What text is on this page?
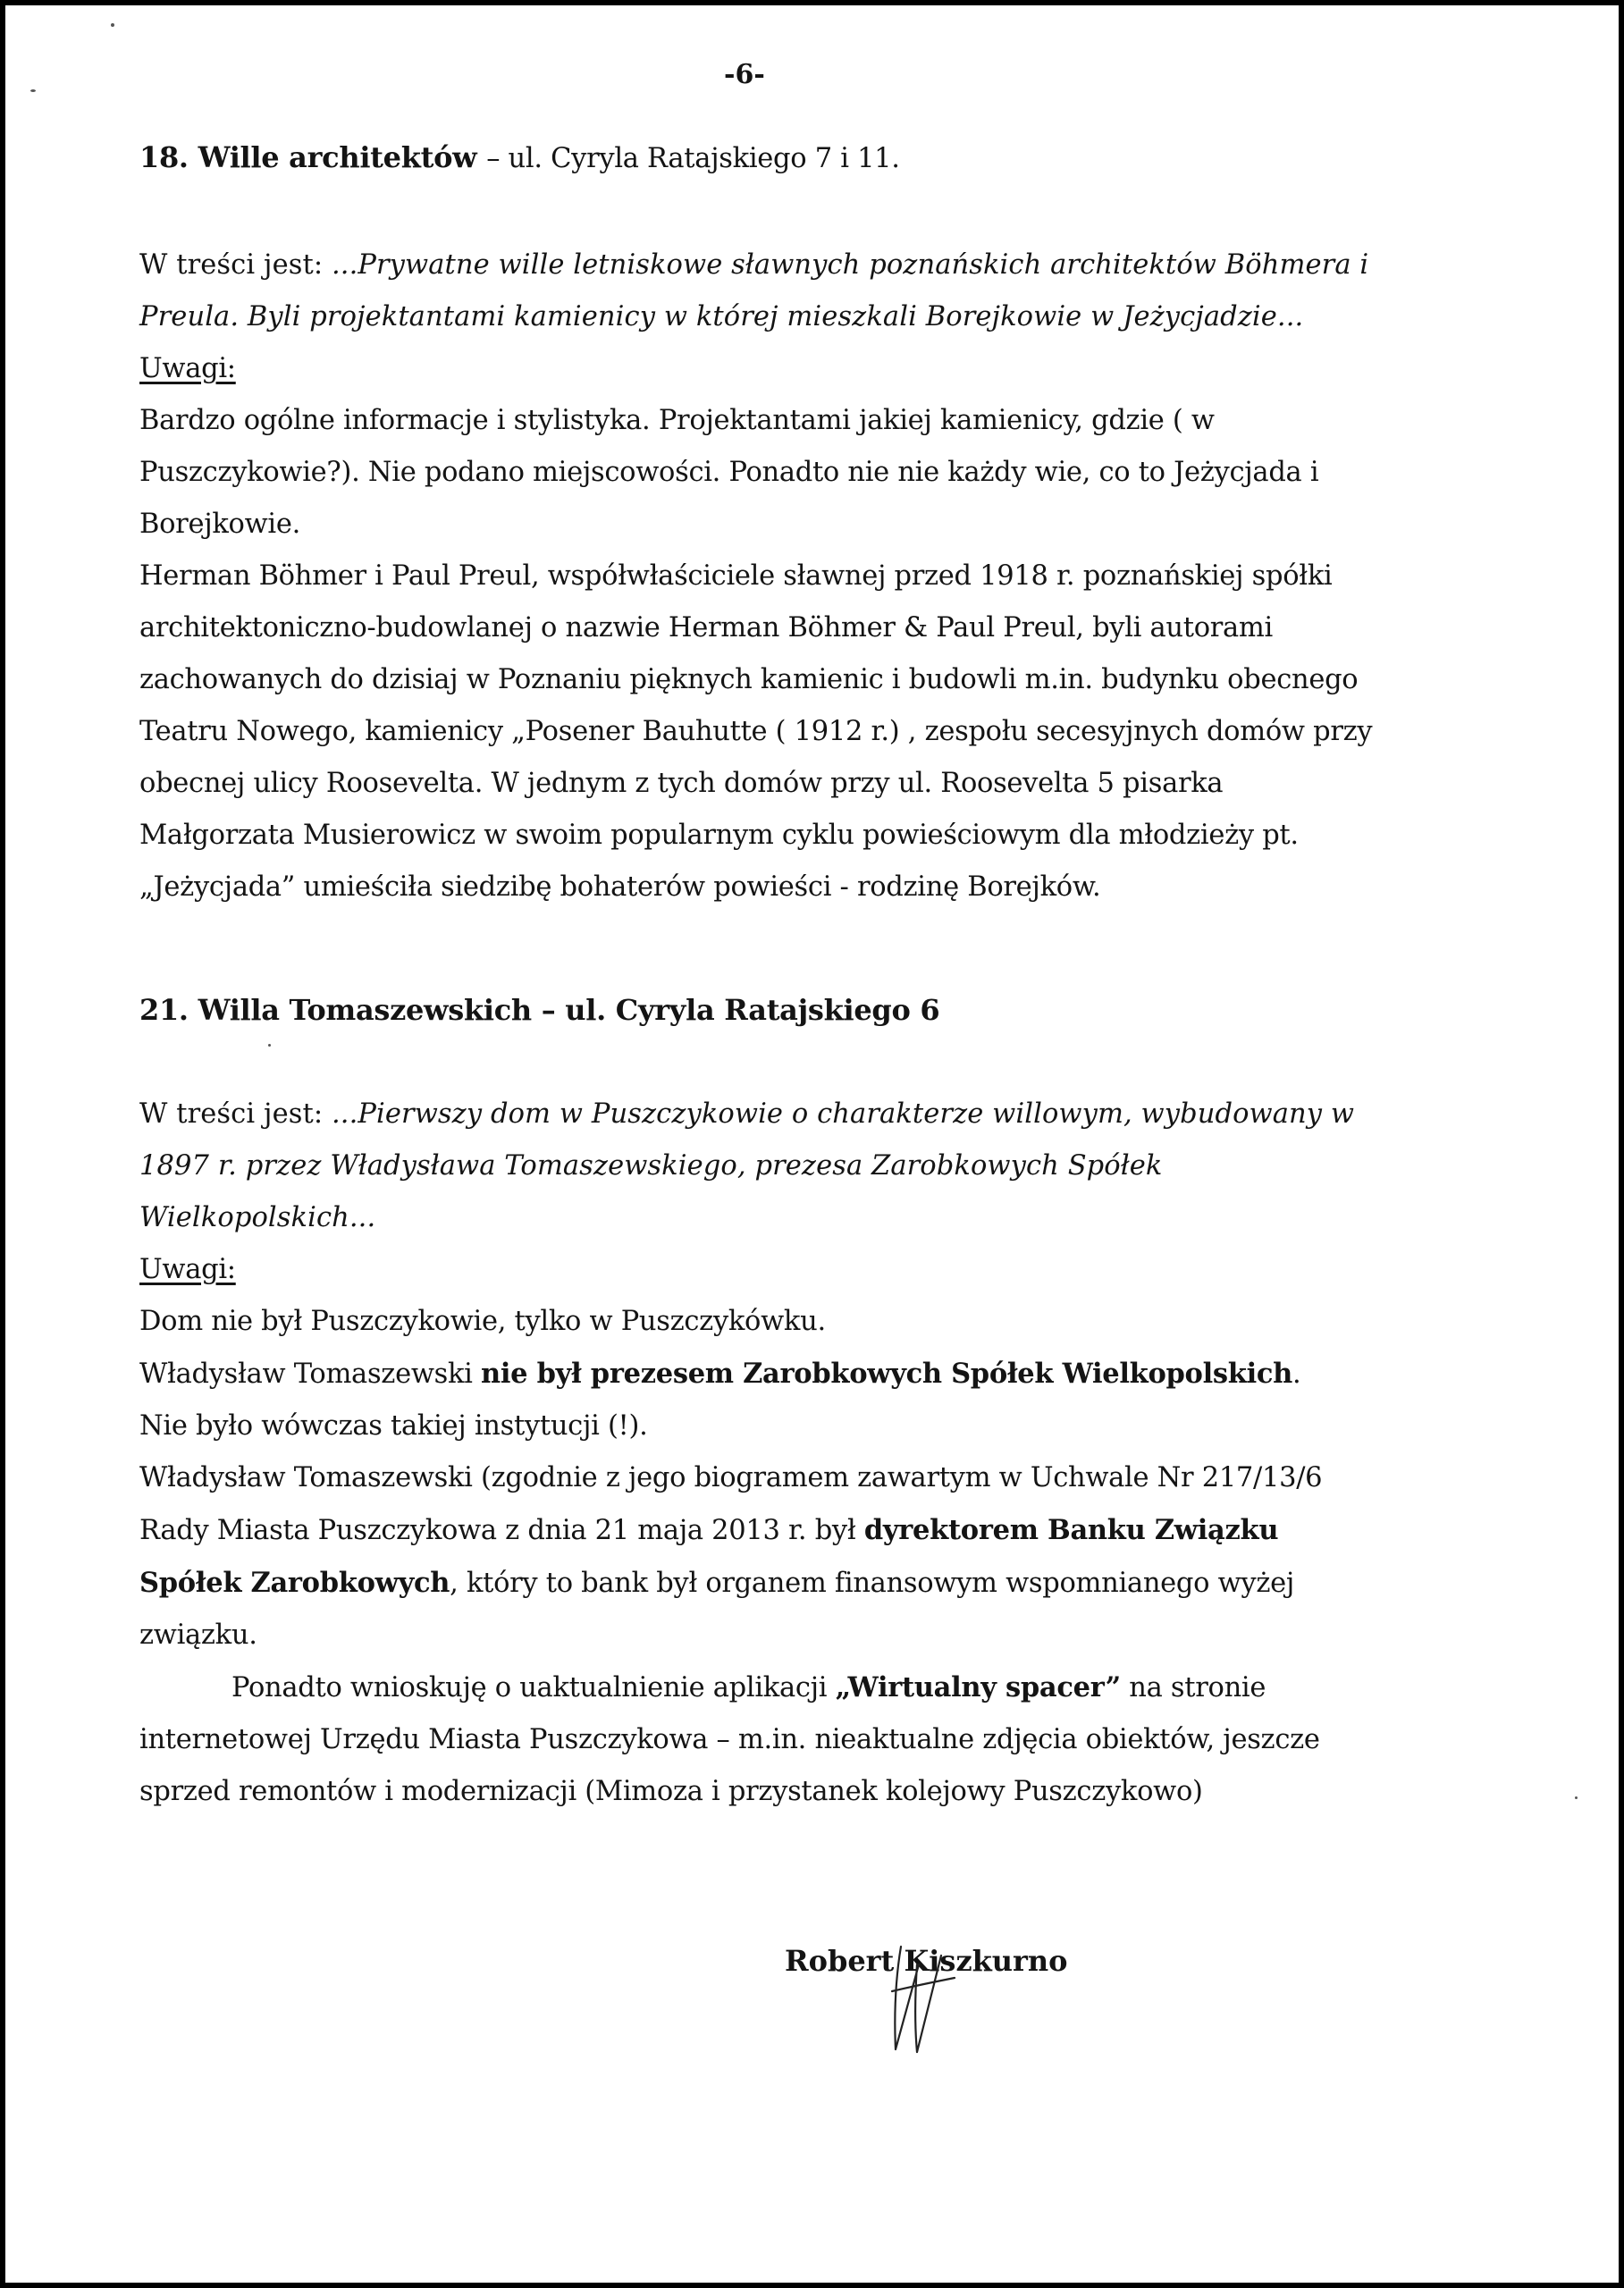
-6-
18. Wille architektów – ul. Cyryla Ratajskiego 7 i 11.
W treści jest: ...Prywatne wille letniskowe sławnych poznańskich architektów Böhmera i
Preula. Byli projektantami kamienicy w której mieszkali Borejkowie w Jeżycjadzie...
Uwagi:
Bardzo ogólne informacje i stylistyka. Projektantami jakiej kamienicy, gdzie ( w
Puszczykowie?). Nie podano miejscowości. Ponadto nie nie każdy wie, co to Jeżycjada i
Borejkowie.
Herman Böhmer i Paul Preul, współwłaściciele sławnej przed 1918 r. poznańskiej spółki
architektoniczno-budowlanej o nazwie Herman Böhmer & Paul Preul, byli autorami
zachowanych do dzisiaj w Poznaniu pięknych kamienic i budowli m.in. budynku obecnego
Teatru Nowego, kamienicy „Posener Bauhutte ( 1912 r.) , zespołu secesyjnych domów przy
obecnej ulicy Roosevelta. W jednym z tych domów przy ul. Roosevelta 5 pisarka
Małgorzata Musierowicz w swoim popularnym cyklu powieściowym dla młodzieży pt.
„Jeżycjada” umieściła siedzibę bohaterów powieści - rodzinę Borejków.
21. Willa Tomaszewskich – ul. Cyryla Ratajskiego 6
W treści jest: ...Pierwszy dom w Puszczykowie o charakterze willowym, wybudowany w
1897 r. przez Władysława Tomaszewskiego, prezesa Zarobkowych Spółek
Wielkopolskich...
Uwagi:
Dom nie był Puszczykowie, tylko w Puszczykówku.
Władysław Tomaszewski nie był prezesem Zarobkowych Spółek Wielkopolskich.
Nie było wówczas takiej instytucji (!).
Władysław Tomaszewski (zgodnie z jego biogramem zawartym w Uchwale Nr 217/13/6
Rady Miasta Puszczykowa z dnia 21 maja 2013 r. był dyrektorem Banku Związku
Spółek Zarobkowych, który to bank był organem finansowym wspomnianego wyżej
związku.
Ponadto wnioskuję o uaktualnienie aplikacji „Wirtualny spacer” na stronie
internetowej Urzędu Miasta Puszczykowa – m.in. nieaktualne zdjęcia obiektów, jeszcze
sprzed remontów i modernizacji (Mimoza i przystanek kolejowy Puszczykowo)
Robert Kiszkurno
